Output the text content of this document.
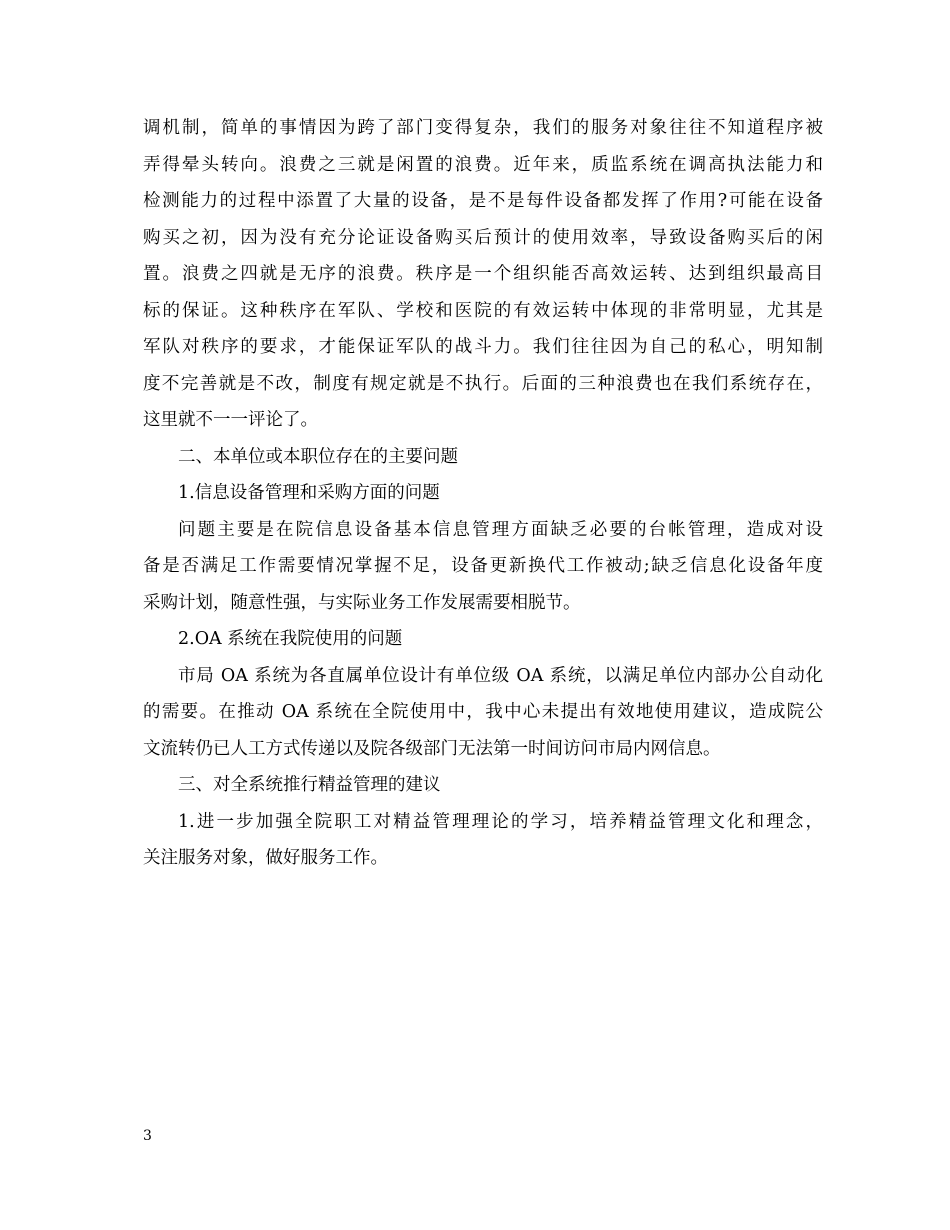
调机制，简单的事情因为跨了部门变得复杂，我们的服务对象往往不知道程序被
弄得晕头转向。浪费之三就是闲置的浪费。近年来，质监系统在调高执法能力和
检测能力的过程中添置了大量的设备，是不是每件设备都发挥了作用?可能在设备
购买之初，因为没有充分论证设备购买后预计的使用效率，导致设备购买后的闲
置。浪费之四就是无序的浪费。秩序是一个组织能否高效运转、达到组织最高目
标的保证。这种秩序在军队、学校和医院的有效运转中体现的非常明显，尤其是
军队对秩序的要求，才能保证军队的战斗力。我们往往因为自己的私心，明知制
度不完善就是不改，制度有规定就是不执行。后面的三种浪费也在我们系统存在，
这里就不一一评论了。
二、本单位或本职位存在的主要问题
1.信息设备管理和采购方面的问题
问题主要是在院信息设备基本信息管理方面缺乏必要的台帐管理，造成对设
备是否满足工作需要情况掌握不足，设备更新换代工作被动;缺乏信息化设备年度
采购计划，随意性强，与实际业务工作发展需要相脱节。
2.OA 系统在我院使用的问题
市局 OA 系统为各直属单位设计有单位级 OA 系统，以满足单位内部办公自动化
的需要。在推动 OA 系统在全院使用中，我中心未提出有效地使用建议，造成院公
文流转仍已人工方式传递以及院各级部门无法第一时间访问市局内网信息。
三、对全系统推行精益管理的建议
1.进一步加强全院职工对精益管理理论的学习，培养精益管理文化和理念，
关注服务对象，做好服务工作。
3
